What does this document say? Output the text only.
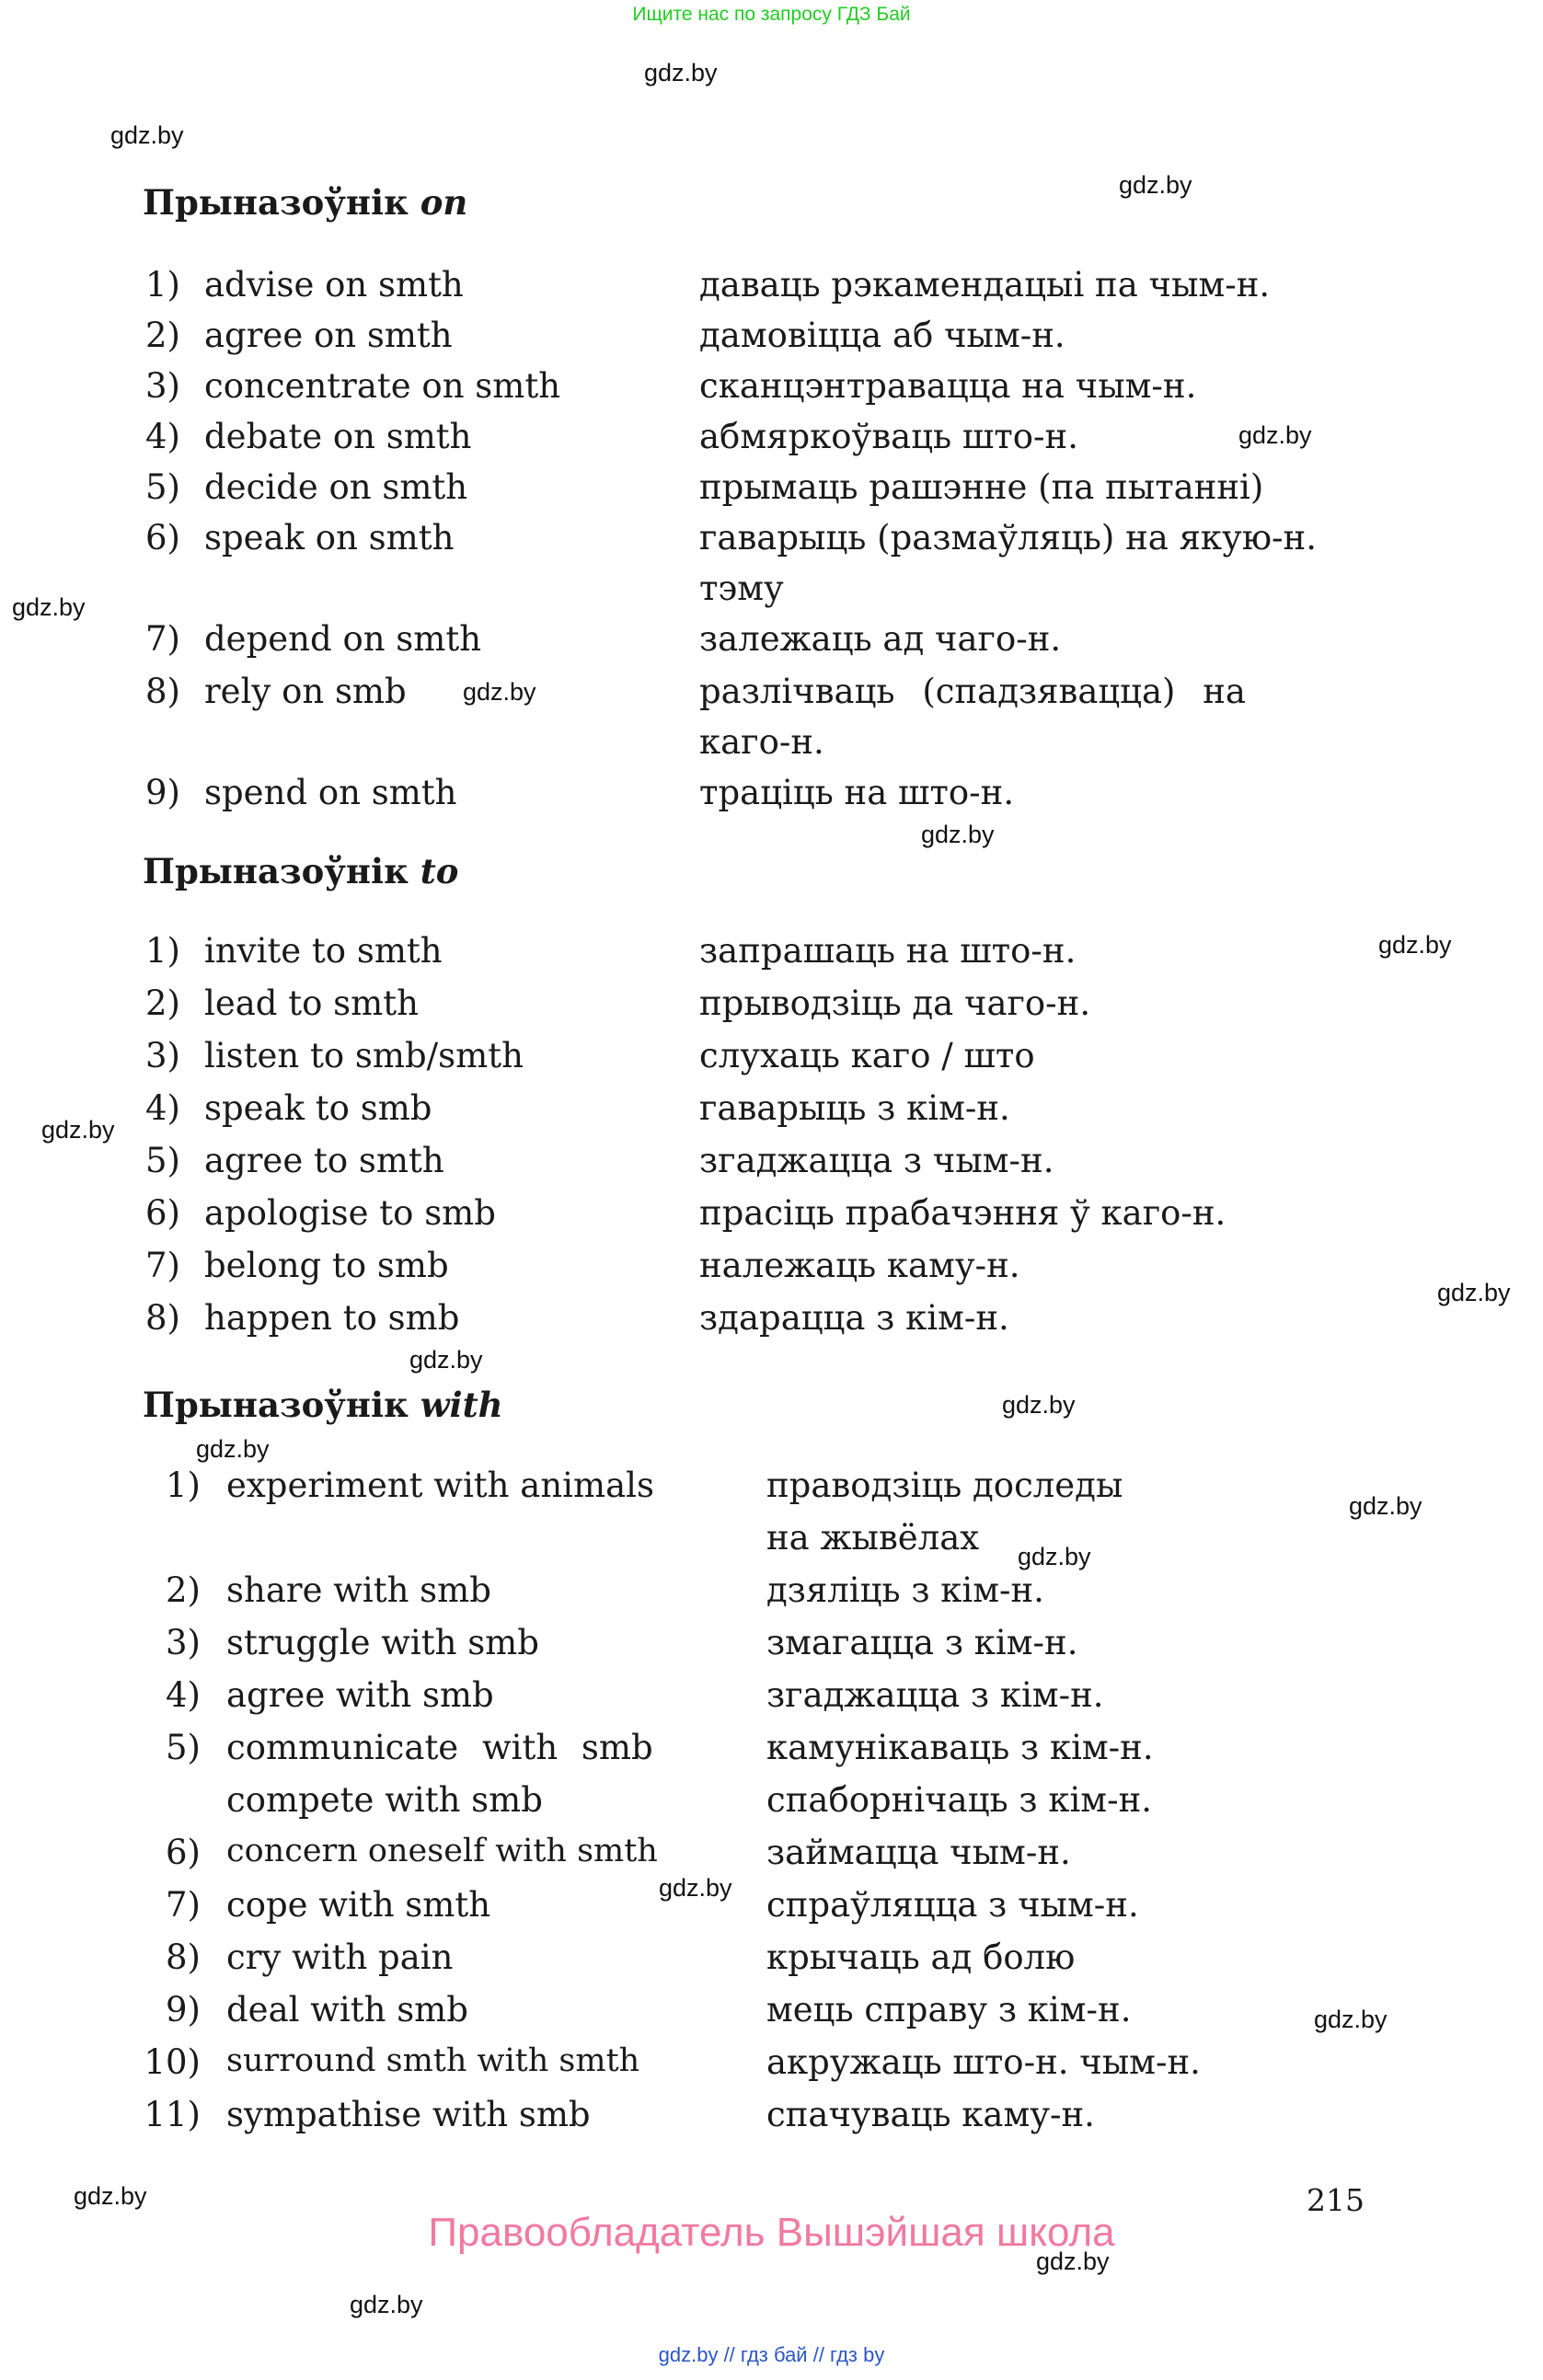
Ищите нас по запросу ГДЗ Бай
gdz.by
gdz.by
gdz.by
gdz.by
gdz.by
gdz.by
gdz.by
gdz.by
gdz.by
gdz.by
gdz.by
gdz.by
gdz.by
gdz.by
gdz.by
gdz.by
gdz.by
gdz.by
gdz.by
gdz.by
Прыназоўнік on
1) advise on smth	даваць рэкамендацыі па чым-н.
2) agree on smth	дамовіцца аб чым-н.
3) concentrate on smth	сканцэнтравацца на чым-н.
4) debate on smth	абмяркоўваць што-н.
5) decide on smth	прымаць рашэнне (па пытанні)
6) speak on smth	гаварыць (размаўляць) на якую-н.
тэму
7) depend on smth	залежаць ад чаго-н.
8) rely on smb	разлічваць (спадзявацца) на
каго-н.
9) spend on smth	траціць на што-н.
Прыназоўнік to
1) invite to smth	запрашаць на што-н.
2) lead to smth	прыводзіць да чаго-н.
3) listen to smb/smth	слухаць каго / што
4) speak to smb	гаварыць з кім-н.
5) agree to smth	згаджацца з чым-н.
6) apologise to smb	прасіць прабачэння ў каго-н.
7) belong to smb	належаць каму-н.
8) happen to smb	здарацца з кім-н.
Прыназоўнік with
1) experiment with animals	праводзіць доследы
на жывёлах
2) share with smb	дзяліць з кім-н.
3) struggle with smb	змагацца з кім-н.
4) agree with smb	згаджацца з кім-н.
5) communicate with smb	камунікаваць з кім-н.
compete with smb	спаборнічаць з кім-н.
6) concern oneself with smth	займацца чым-н.
7) cope with smth	спраўляцца з чым-н.
8) cry with pain	крычаць ад болю
9) deal with smb	мець справу з кім-н.
10) surround smth with smth	акружаць што-н. чым-н.
11) sympathise with smb	спачуваць каму-н.
215
Правообладатель Вышэйшая школа
gdz.by // гдз бай // гдз by
